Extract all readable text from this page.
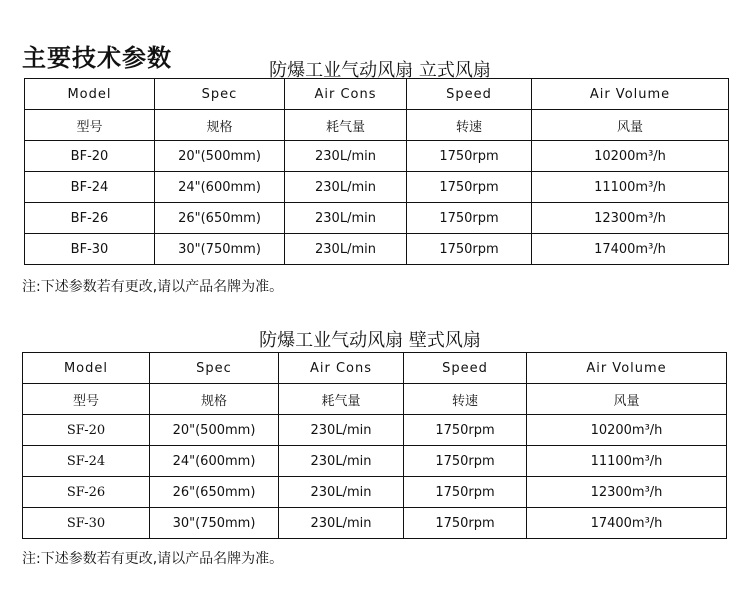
主要技术参数	防爆工业气动风扇 立式风扇
Model	Spec	Air Cons	Speed	Air Volume
型号	规格	耗气量	转速	风量
BF-20	20"(500mm)	230L/min	1750rpm	10200m³/h
BF-24	24"(600mm)	230L/min	1750rpm	11100m³/h
BF-26	26"(650mm)	230L/min	1750rpm	12300m³/h
BF-30	30"(750mm)	230L/min	1750rpm	17400m³/h
注:下述参数若有更改,请以产品名牌为准。
防爆工业气动风扇 壁式风扇
Model	Spec	Air Cons	Speed	Air Volume
型号	规格	耗气量	转速	风量
SF-20	20"(500mm)	230L/min	1750rpm	10200m³/h
SF-24	24"(600mm)	230L/min	1750rpm	11100m³/h
SF-26	26"(650mm)	230L/min	1750rpm	12300m³/h
SF-30	30"(750mm)	230L/min	1750rpm	17400m³/h
注:下述参数若有更改,请以产品名牌为准。
